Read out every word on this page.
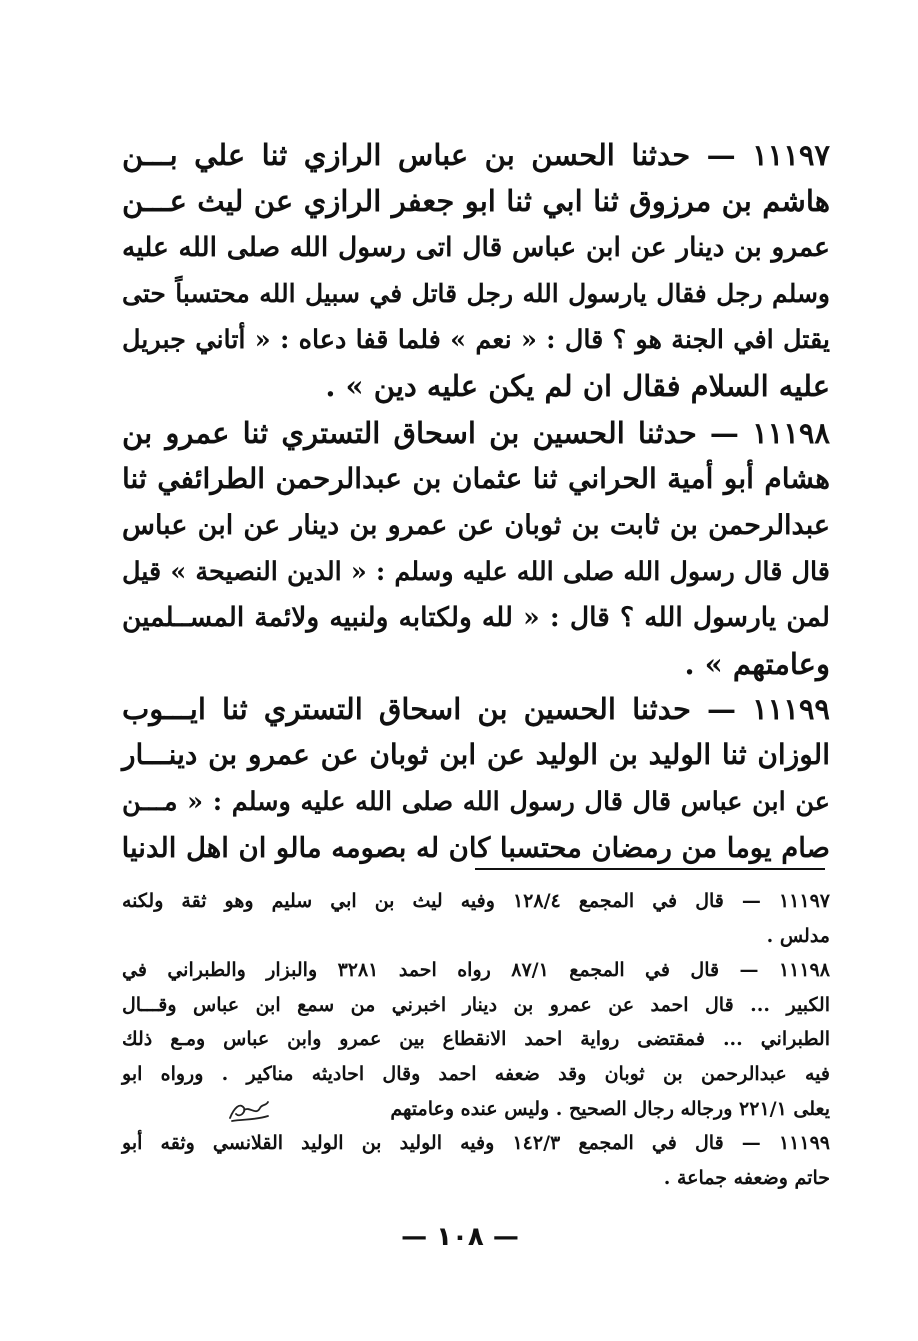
١١١٩٧ — حدثنا الحسن بن عباس الرازي ثنا علي بـــن
هاشم بن مرزوق ثنا ابي ثنا ابو جعفر الرازي عن ليث عـــن
عمرو بن دينار عن ابن عباس قال اتى رسول الله صلى الله عليه
وسلم رجل فقال يارسول الله رجل قاتل في سبيل الله محتسباً حتى
يقتل افي الجنة هو ؟ قال : « نعم » فلما قفا دعاه : « أتاني جبريل
عليه السلام فقال ان لم يكن عليه دين » .
١١١٩٨ — حدثنا الحسين بن اسحاق التستري ثنا عمرو بن
هشام أبو أمية الحراني ثنا عثمان بن عبدالرحمن الطرائفي ثنا
عبدالرحمن بن ثابت بن ثوبان عن عمرو بن دينار عن ابن عباس
قال قال رسول الله صلى الله عليه وسلم : « الدين النصيحة » قيل
لمن يارسول الله ؟ قال : « لله ولكتابه ولنبيه ولائمة المســلمين
وعامتهم » .
١١١٩٩ — حدثنا الحسين بن اسحاق التستري ثنا ايـــوب
الوزان ثنا الوليد بن الوليد عن ابن ثوبان عن عمرو بن دينـــار
عن ابن عباس قال قال رسول الله صلى الله عليه وسلم : « مـــن
صام يوما من رمضان محتسبا كان له بصومه مالو ان اهل الدنيا
١١١٩٧ — قال في المجمع ١٢٨/٤ وفيه ليث بن ابي سليم وهو ثقة ولكنه
مدلس .
١١١٩٨ — قال في المجمع ٨٧/١ رواه احمد ٣٢٨١ والبزار والطبراني في
الكبير ... قال احمد عن عمرو بن دينار اخبرني من سمع ابن عباس وقـــال
الطبراني ... فمقتضى رواية احمد الانقطاع بين عمرو وابن عباس ومـع ذلك
فيه عبدالرحمن بن ثوبان وقد ضعفه احمد وقال احاديثه مناكير . ورواه ابو
يعلى ٢٢١/١ ورجاله رجال الصحيح . وليس عنده وعامتهم
١١١٩٩ — قال في المجمع ١٤٢/٣ وفيه الوليد بن الوليد القلانسي وثقه أبو
حاتم وضعفه جماعة .
— ١٠٨ —
